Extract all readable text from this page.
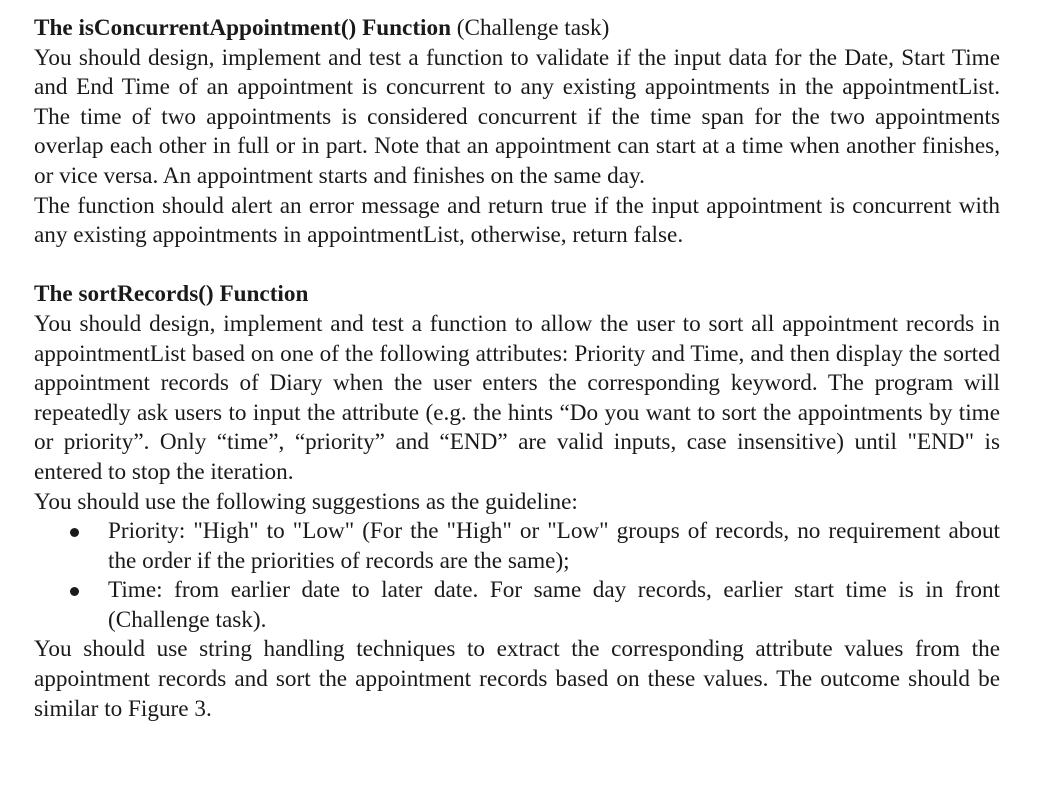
The isConcurrentAppointment() Function (Challenge task)

You should design, implement and test a function to validate if the input data for the Date, Start Time and End Time of an appointment is concurrent to any existing appointments in the appointmentList. The time of two appointments is considered concurrent if the time span for the two appointments overlap each other in full or in part. Note that an appointment can start at a time when another finishes, or vice versa. An appointment starts and finishes on the same day.

The function should alert an error message and return true if the input appointment is concurrent with any existing appointments in appointmentList, otherwise, return false.

The sortRecords() Function

You should design, implement and test a function to allow the user to sort all appointment records in appointmentList based on one of the following attributes: Priority and Time, and then display the sorted appointment records of Diary when the user enters the corresponding keyword. The program will repeatedly ask users to input the attribute (e.g. the hints “Do you want to sort the appointments by time or priority”. Only “time”, “priority” and “END” are valid inputs, case insensitive) until "END" is entered to stop the iteration.

You should use the following suggestions as the guideline:

Priority: "High" to "Low" (For the "High" or "Low" groups of records, no requirement about the order if the priorities of records are the same);
Time: from earlier date to later date. For same day records, earlier start time is in front (Challenge task).

You should use string handling techniques to extract the corresponding attribute values from the appointment records and sort the appointment records based on these values. The outcome should be similar to Figure 3.
